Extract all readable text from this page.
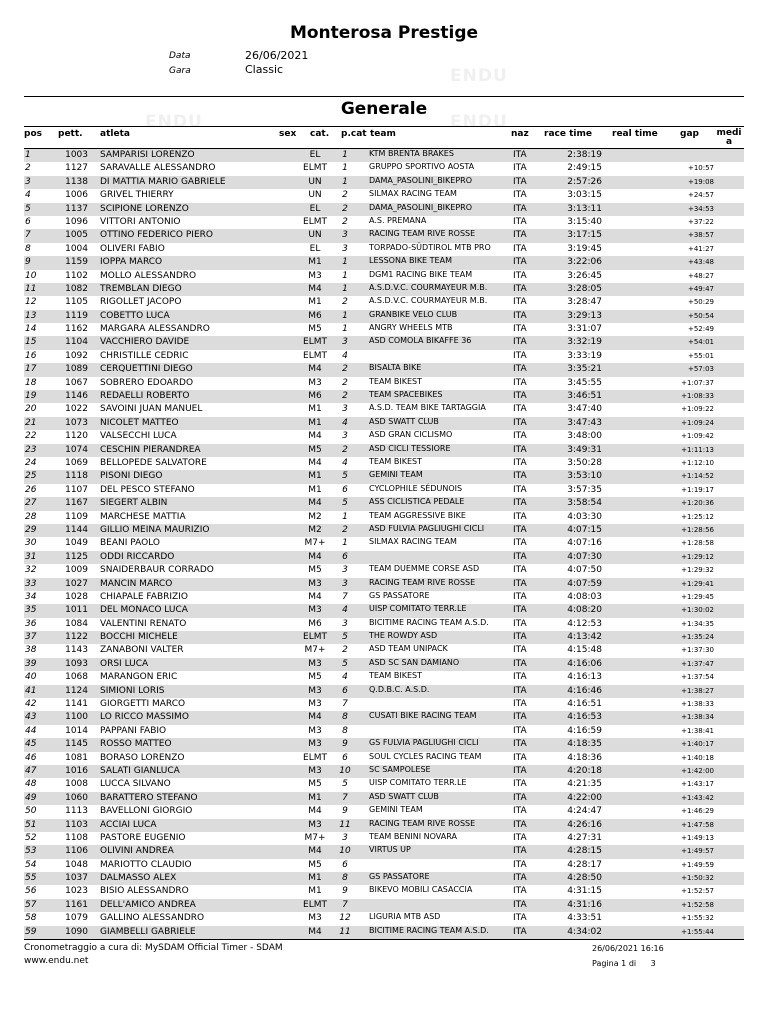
ENDU
ENDU	ENDU
Monterosa Prestige
Data	26/06/2021
Gara	Classic
Generale
pos pett. atleta	sex cat. p.cat team	naz race time real time gap medi a
1	1003 SAMPARISI LORENZO	EL	1	KTM BRENTA BRAKES	ITA	2:38:19
2	1127 SARAVALLE ALESSANDRO	ELMT	1	GRUPPO SPORTIVO AOSTA	ITA	2:49:15	+10:57
3	1138 DI MATTIA MARIO GABRIELE	UN	1	DAMA_PASOLINI_BIKEPRO	ITA	2:57:26	+19:08
4	1006 GRIVEL THIERRY	UN	2	SILMAX RACING TEAM	ITA	3:03:15	+24:57
5	1137 SCIPIONE LORENZO	EL	2	DAMA_PASOLINI_BIKEPRO	ITA	3:13:11	+34:53
6	1096 VITTORI ANTONIO	ELMT	2	A.S. PREMANA	ITA	3:15:40	+37:22
7	1005 OTTINO FEDERICO PIERO	UN	3	RACING TEAM RIVE ROSSE	ITA	3:17:15	+38:57
8	1004 OLIVERI FABIO	EL	3	TORPADO-SÜDTIROL MTB PRO ITA	3:19:45	+41:27
9	1159 IOPPA MARCO	M1	1	LESSONA BIKE TEAM	ITA	3:22:06	+43:48
10	1102 MOLLO ALESSANDRO	M3	1	DGM1 RACING BIKE TEAM	ITA	3:26:45	+48:27
11	1082 TREMBLAN DIEGO	M4	1	A.S.D.V.C. COURMAYEUR M.B.	ITA	3:28:05	+49:47
12	1105 RIGOLLET JACOPO	M1	2	A.S.D.V.C. COURMAYEUR M.B.	ITA	3:28:47	+50:29
13	1119 COBETTO LUCA	M6	1	GRANBIKE VELO CLUB	ITA	3:29:13	+50:54
14	1162 MARGARA ALESSANDRO	M5	1	ANGRY WHEELS MTB	ITA	3:31:07	+52:49
15	1104 VACCHIERO DAVIDE	ELMT	3	ASD COMOLA BIKAFFE 36	ITA	3:32:19	+54:01
16	1092 CHRISTILLE CEDRIC	ELMT	4	ITA	3:33:19	+55:01
17	1089 CERQUETTINI DIEGO	M4	2	BISALTA BIKE	ITA	3:35:21	+57:03
18	1067 SOBRERO EDOARDO	M3	2	TEAM BIKEST	ITA	3:45:55	+1:07:37
19	1146 REDAELLI ROBERTO	M6	2	TEAM SPACEBIKES	ITA	3:46:51	+1:08:33
20	1022 SAVOINI JUAN MANUEL	M1	3	A.S.D. TEAM BIKE TARTAGGIA	ITA	3:47:40	+1:09:22
21	1073 NICOLET MATTEO	M1	4	ASD SWATT CLUB	ITA	3:47:43	+1:09:24
22	1120 VALSECCHI LUCA	M4	3	ASD GRAN CICLISMO	ITA	3:48:00	+1:09:42
23	1074 CESCHIN PIERANDREA	M5	2	ASD CICLI TESSIORE	ITA	3:49:31	+1:11:13
24	1069 BELLOPEDE SALVATORE	M4	4	TEAM BIKEST	ITA	3:50:28	+1:12:10
25	1118 PISONI DIEGO	M1	5	GEMINI TEAM	ITA	3:53:10	+1:14:52
26	1107 DEL PESCO STEFANO	M1	6	CYCLOPHILE SÉDUNOIS	ITA	3:57:35	+1:19:17
27	1167 SIEGERT ALBIN	M4	5	ASS CICLISTICA PEDALE	ITA	3:58:54	+1:20:36
28	1109 MARCHESE MATTIA	M2	1	TEAM AGGRESSIVE BIKE	ITA	4:03:30	+1:25:12
29	1144 GILLIO MEINA MAURIZIO	M2	2	ASD FULVIA PAGLIUGHI CICLI	ITA	4:07:15	+1:28:56
30	1049 BEANI PAOLO	M7+	1	SILMAX RACING TEAM	ITA	4:07:16	+1:28:58
31	1125 ODDI RICCARDO	M4	6	ITA	4:07:30	+1:29:12
32	1009 SNAIDERBAUR CORRADO	M5	3	TEAM DUEMME CORSE ASD	ITA	4:07:50	+1:29:32
33	1027 MANCIN MARCO	M3	3	RACING TEAM RIVE ROSSE	ITA	4:07:59	+1:29:41
34	1028 CHIAPALE FABRIZIO	M4	7	GS PASSATORE	ITA	4:08:03	+1:29:45
35	1011 DEL MONACO LUCA	M3	4	UISP COMITATO TERR.LE	ITA	4:08:20	+1:30:02
36	1084 VALENTINI RENATO	M6	3	BICITIME RACING TEAM A.S.D.	ITA	4:12:53	+1:34:35
37	1122 BOCCHI MICHELE	ELMT	5	THE ROWDY ASD	ITA	4:13:42	+1:35:24
38	1143 ZANABONI VALTER	M7+	2	ASD TEAM UNIPACK	ITA	4:15:48	+1:37:30
39	1093 ORSI LUCA	M3	5	ASD SC SAN DAMIANO	ITA	4:16:06	+1:37:47
40	1068 MARANGON ERIC	M5	4	TEAM BIKEST	ITA	4:16:13	+1:37:54
41	1124 SIMIONI LORIS	M3	6	Q.D.B.C. A.S.D.	ITA	4:16:46	+1:38:27
42	1141 GIORGETTI MARCO	M3	7	ITA	4:16:51	+1:38:33
43	1100 LO RICCO MASSIMO	M4	8	CUSATI BIKE RACING TEAM	ITA	4:16:53	+1:38:34
44	1014 PAPPANI FABIO	M3	8	ITA	4:16:59	+1:38:41
45	1145 ROSSO MATTEO	M3	9	GS FULVIA PAGLIUGHI CICLI	ITA	4:18:35	+1:40:17
46	1081 BORASO LORENZO	ELMT	6	SOUL CYCLES RACING TEAM	ITA	4:18:36	+1:40:18
47	1016 SALATI GIANLUCA	M3	10 SC SAMPOLESE	ITA	4:20:18	+1:42:00
48	1008 LUCCA SILVANO	M5	5	UISP COMITATO TERR.LE	ITA	4:21:35	+1:43:17
49	1060 BARATTERO STEFANO	M1	7	ASD SWATT CLUB	ITA	4:22:00	+1:43:42
50	1113 BAVELLONI GIORGIO	M4	9	GEMINI TEAM	ITA	4:24:47	+1:46:29
51	1103 ACCIAI LUCA	M3	11 RACING TEAM RIVE ROSSE	ITA	4:26:16	+1:47:58
52	1108 PASTORE EUGENIO	M7+	3	TEAM BENINI NOVARA	ITA	4:27:31	+1:49:13
53	1106 OLIVINI ANDREA	M4	10 VIRTUS UP	ITA	4:28:15	+1:49:57
54	1048 MARIOTTO CLAUDIO	M5	6	ITA	4:28:17	+1:49:59
55	1037 DALMASSO ALEX	M1	8	GS PASSATORE	ITA	4:28:50	+1:50:32
56	1023 BISIO ALESSANDRO	M1	9	BIKEVO MOBILI CASACCIA	ITA	4:31:15	+1:52:57
57	1161 DELL'AMICO ANDREA	ELMT	7	ITA	4:31:16	+1:52:58
58	1079 GALLINO ALESSANDRO	M3	12 LIGURIA MTB ASD	ITA	4:33:51	+1:55:32
59	1090 GIAMBELLI GABRIELE	M4	11 BICITIME RACING TEAM A.S.D.	ITA	4:34:02	+1:55:44
Cronometraggio a cura di: MySDAM Official Timer - SDAM
www.endu.net
26/06/2021 16:16
Pagina 1 di 3
